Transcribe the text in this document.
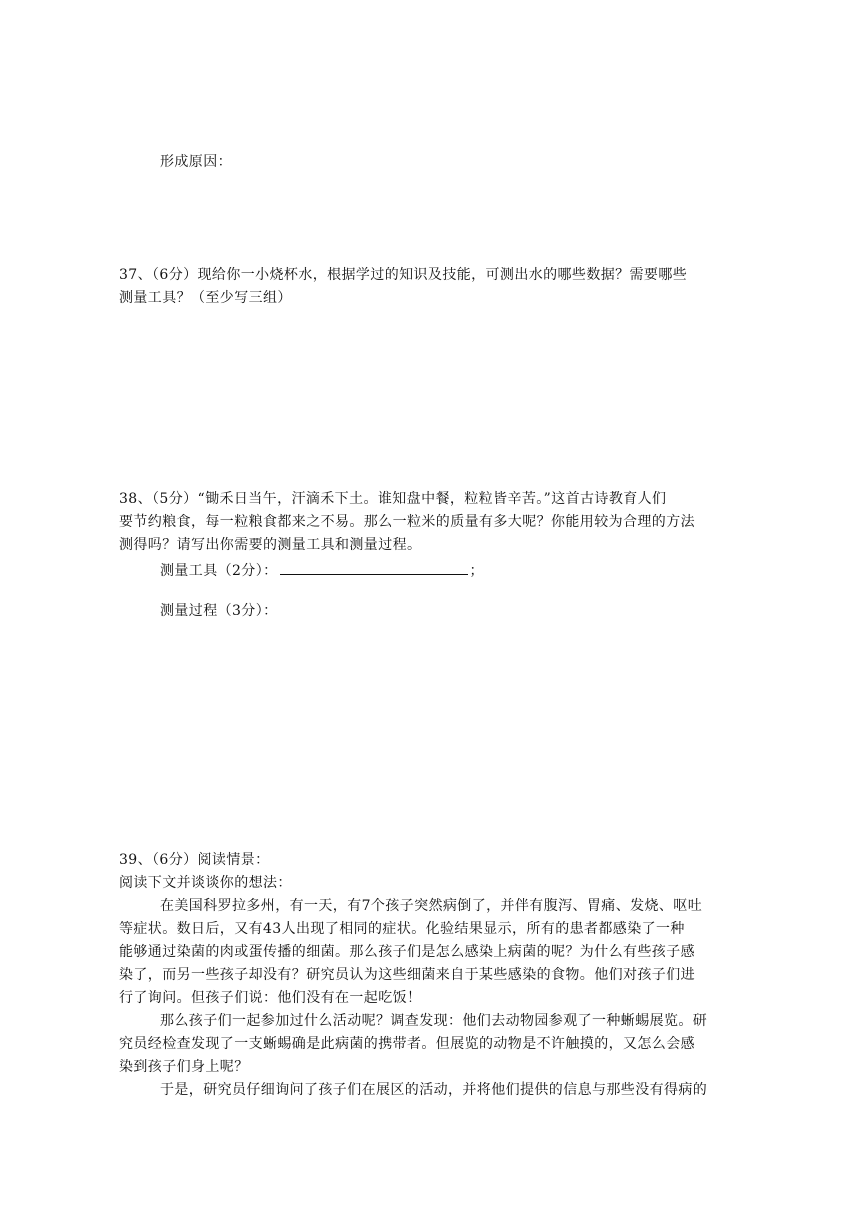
形成原因：
37、（6分）现给你一小烧杯水，根据学过的知识及技能，可测出水的哪些数据？需要哪些
测量工具？（至少写三组）
38、（5分）“锄禾日当午，汗滴禾下土。谁知盘中餐，粒粒皆辛苦。”这首古诗教育人们
要节约粮食，每一粒粮食都来之不易。那么一粒米的质量有多大呢？你能用较为合理的方法
测得吗？请写出你需要的测量工具和测量过程。
测量工具（2分）：	；
测量过程（3分）：
39、（6分）阅读情景：
阅读下文并谈谈你的想法：
在美国科罗拉多州，有一天，有7个孩子突然病倒了，并伴有腹泻、胃痛、发烧、呕吐
等症状。数日后，又有43人出现了相同的症状。化验结果显示，所有的患者都感染了一种
能够通过染菌的肉或蛋传播的细菌。那么孩子们是怎么感染上病菌的呢？为什么有些孩子感
染了，而另一些孩子却没有？研究员认为这些细菌来自于某些感染的食物。他们对孩子们进
行了询问。但孩子们说：他们没有在一起吃饭！
那么孩子们一起参加过什么活动呢？调查发现：他们去动物园参观了一种蜥蜴展览。研
究员经检查发现了一支蜥蜴确是此病菌的携带者。但展览的动物是不许触摸的，又怎么会感
染到孩子们身上呢？
于是，研究员仔细询问了孩子们在展区的活动，并将他们提供的信息与那些没有得病的
